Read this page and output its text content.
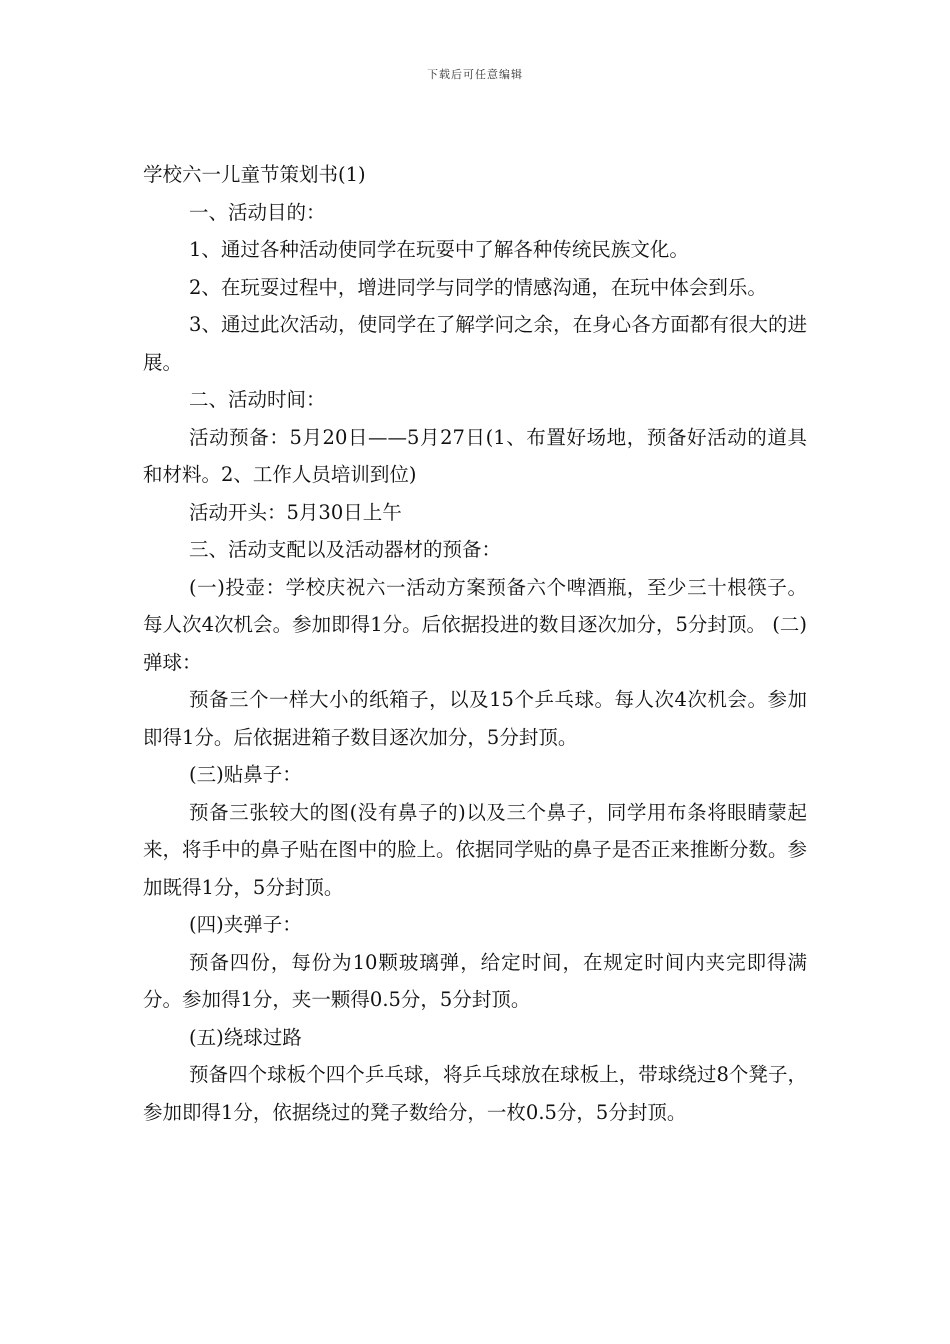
下载后可任意编辑

学校六一儿童节策划书(1)

一、活动目的：

1、通过各种活动使同学在玩耍中了解各种传统民族文化。

2、在玩耍过程中，增进同学与同学的情感沟通，在玩中体会到乐。

3、通过此次活动，使同学在了解学问之余，在身心各方面都有很大的进展。

二、活动时间：

活动预备：5月20日——5月27日(1、布置好场地，预备好活动的道具和材料。2、工作人员培训到位)

活动开头：5月30日上午

三、活动支配以及活动器材的预备：

(一)投壶：学校庆祝六一活动方案预备六个啤酒瓶，至少三十根筷子。每人次4次机会。参加即得1分。后依据投进的数目逐次加分，5分封顶。 (二)弹球：

预备三个一样大小的纸箱子，以及15个乒乓球。每人次4次机会。参加即得1分。后依据进箱子数目逐次加分，5分封顶。

(三)贴鼻子：

预备三张较大的图(没有鼻子的)以及三个鼻子，同学用布条将眼睛蒙起来，将手中的鼻子贴在图中的脸上。依据同学贴的鼻子是否正来推断分数。参加既得1分，5分封顶。

(四)夹弹子：

预备四份，每份为10颗玻璃弹，给定时间，在规定时间内夹完即得满分。参加得1分，夹一颗得0.5分，5分封顶。

(五)绕球过路

预备四个球板个四个乒乓球，将乒乓球放在球板上，带球绕过8个凳子，参加即得1分，依据绕过的凳子数给分，一枚0.5分，5分封顶。
